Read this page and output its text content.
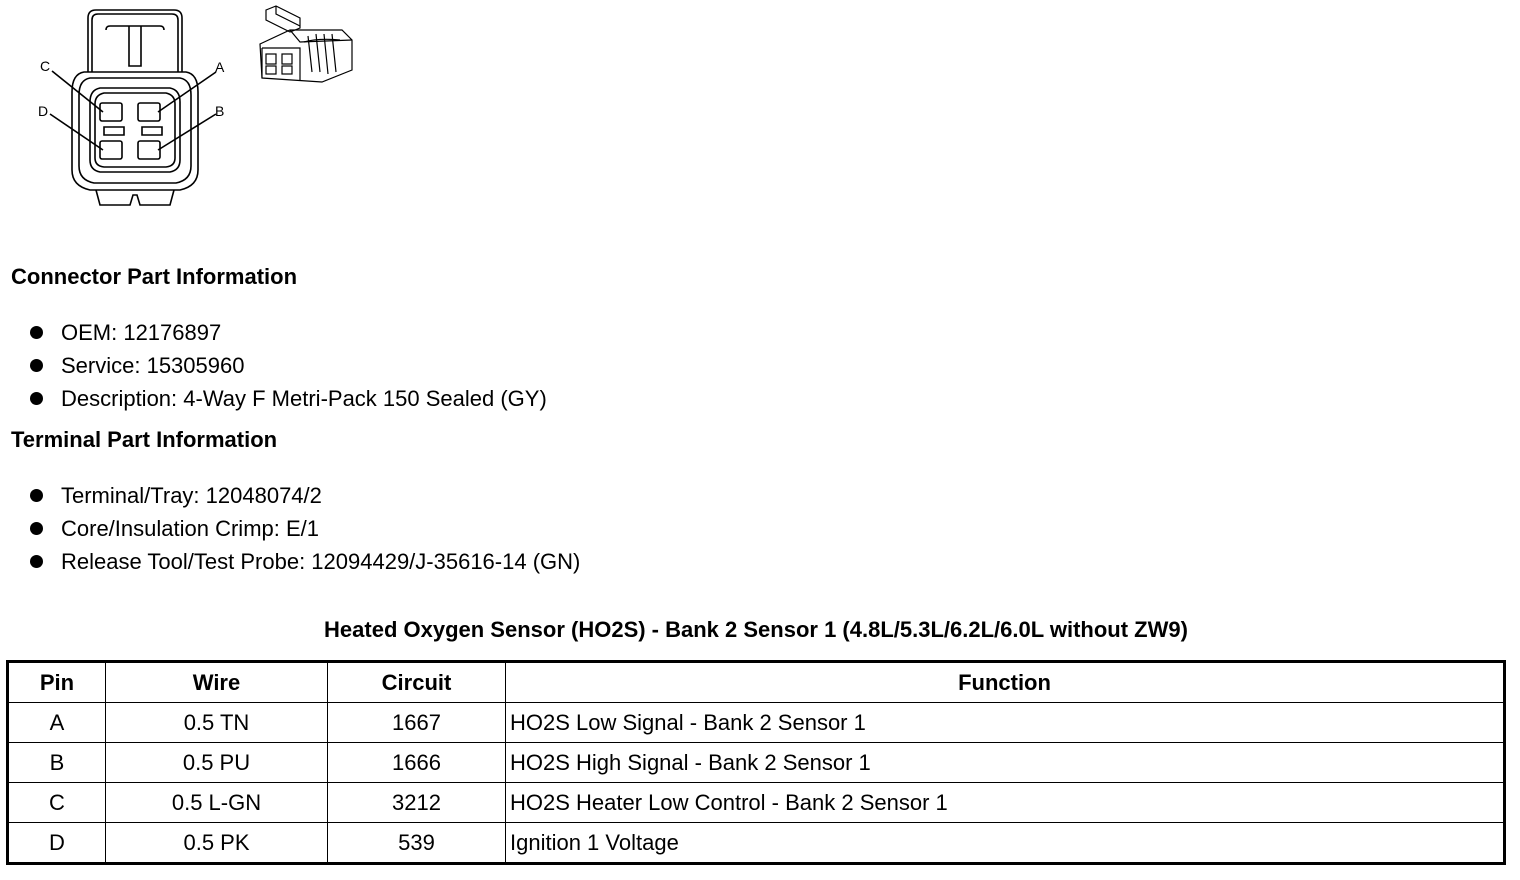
C	A
D	B
Connector Part Information
OEM: 12176897
Service: 15305960
Description: 4-Way F Metri-Pack 150 Sealed (GY)
Terminal Part Information
Terminal/Tray: 12048074/2
Core/Insulation Crimp: E/1
Release Tool/Test Probe: 12094429/J-35616-14 (GN)
Heated Oxygen Sensor (HO2S) - Bank 2 Sensor 1 (4.8L/5.3L/6.2L/6.0L without ZW9)
Pin	Wire	Circuit	Function
A	0.5 TN	1667	HO2S Low Signal - Bank 2 Sensor 1
B	0.5 PU	1666	HO2S High Signal - Bank 2 Sensor 1
C	0.5 L-GN	3212	HO2S Heater Low Control - Bank 2 Sensor 1
D	0.5 PK	539	Ignition 1 Voltage
